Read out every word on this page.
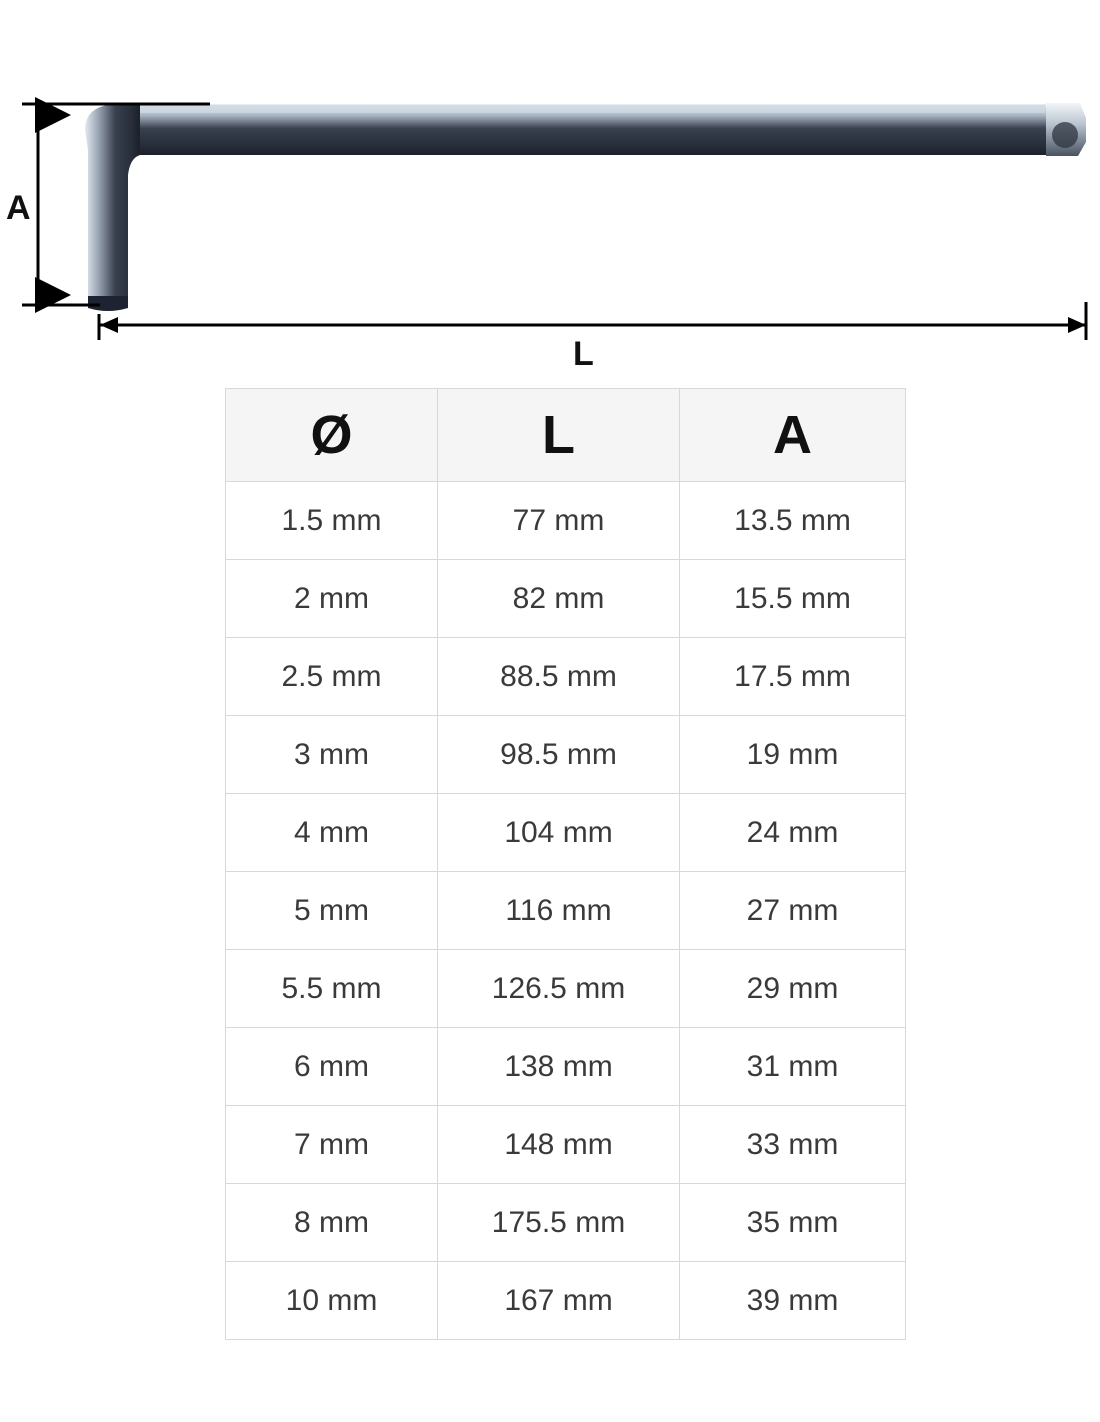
A
L
Ø	L	A
1.5 mm	77 mm	13.5 mm
2 mm	82 mm	15.5 mm
2.5 mm	88.5 mm	17.5 mm
3 mm	98.5 mm	19 mm
4 mm	104 mm	24 mm
5 mm	116 mm	27 mm
5.5 mm	126.5 mm	29 mm
6 mm	138 mm	31 mm
7 mm	148 mm	33 mm
8 mm	175.5 mm	35 mm
10 mm	167 mm	39 mm
